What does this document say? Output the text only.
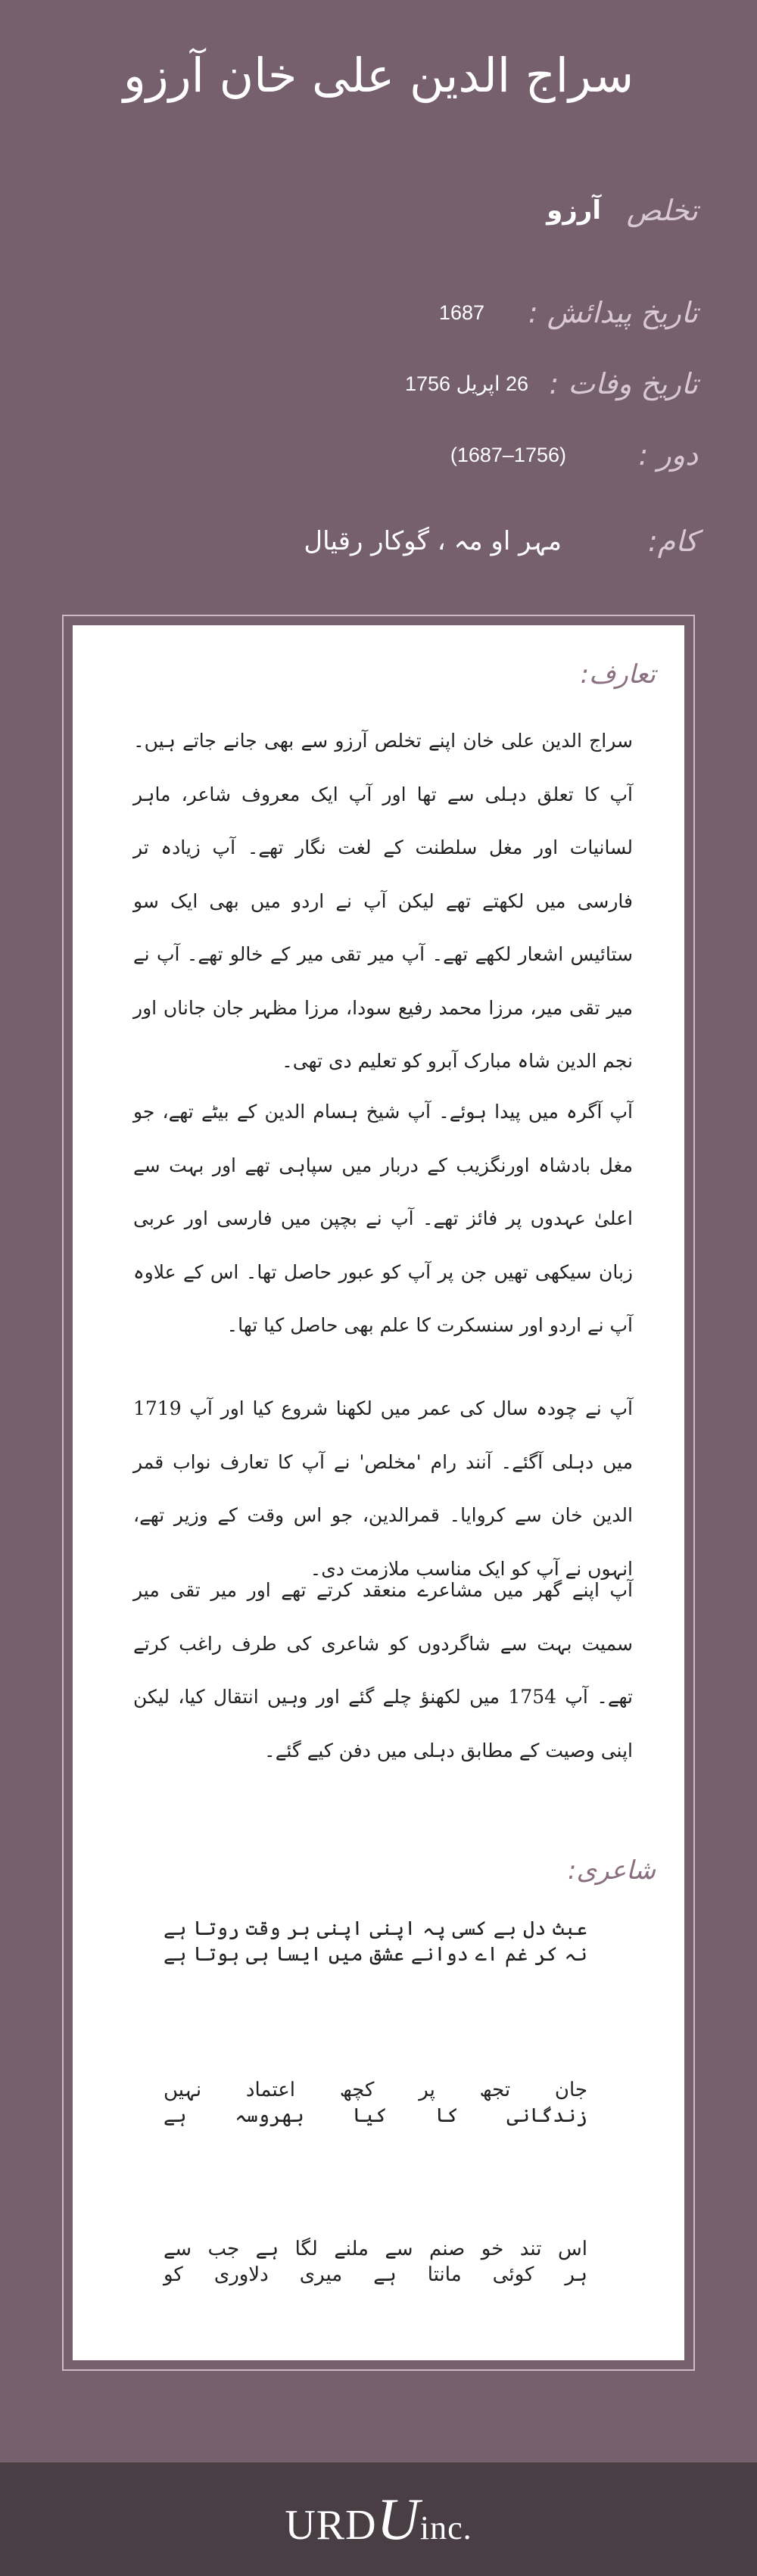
سراج الدین علی خان آرزو
تخلص
آرزو
تاریخ پیدائش :
1687
تاریخ وفات :
26 اپریل 1756
دور :
(1687–1756)
کام:
مہر او مہ ، گوکار رقیال
تعارف:

سراج الدین علی خان اپنے تخلص آرزو سے بھی جانے جاتے ہیں۔ آپ کا تعلق دہلی سے تھا اور آپ ایک معروف شاعر، ماہر لسانیات اور مغل سلطنت کے لغت نگار تھے۔ آپ زیادہ تر فارسی میں لکھتے تھے لیکن آپ نے اردو میں بھی ایک سو ستائیس اشعار لکھے تھے۔ آپ میر تقی میر کے خالو تھے۔ آپ نے میر تقی میر، مرزا محمد رفیع سودا، مرزا مظہر جان جاناں اور نجم الدین شاہ مبارک آبرو کو تعلیم دی تھی۔

آپ آگرہ میں پیدا ہوئے۔ آپ شیخ ہسام الدین کے بیٹے تھے، جو مغل بادشاہ اورنگزیب کے دربار میں سپاہی تھے اور بہت سے اعلیٰ عہدوں پر فائز تھے۔ آپ نے بچپن میں فارسی اور عربی زبان سیکھی تھیں جن پر آپ کو عبور حاصل تھا۔ اس کے علاوہ آپ نے اردو اور سنسکرت کا علم بھی حاصل کیا تھا۔

آپ نے چودہ سال کی عمر میں لکھنا شروع کیا اور آپ 1719 میں دہلی آگئے۔ آنند رام 'مخلص' نے آپ کا تعارف نواب قمر الدین خان سے کروایا۔ قمرالدین، جو اس وقت کے وزیر تھے، انہوں نے آپ کو ایک مناسب ملازمت دی۔

آپ اپنے گھر میں مشاعرے منعقد کرتے تھے اور میر تقی میر سمیت بہت سے شاگردوں کو شاعری کی طرف راغب کرتے تھے۔ آپ 1754 میں لکھنؤ چلے گئے اور وہیں انتقال کیا، لیکن اپنی وصیت کے مطابق دہلی میں دفن کیے گئے۔

شاعری:
عبث دل بے کسی پہ اپنی اپنی ہر وقت روتا ہے
نہ کر غم اے دوانے عشق میں ایسا ہی ہوتا ہے
جان تجھ پر کچھ اعتماد نہیں
زندگانی کا کیا بھروسہ ہے
اس تند خو صنم سے ملنے لگا ہے جب سے
ہر کوئی مانتا ہے میری دلاوری کو
URDUinc.
